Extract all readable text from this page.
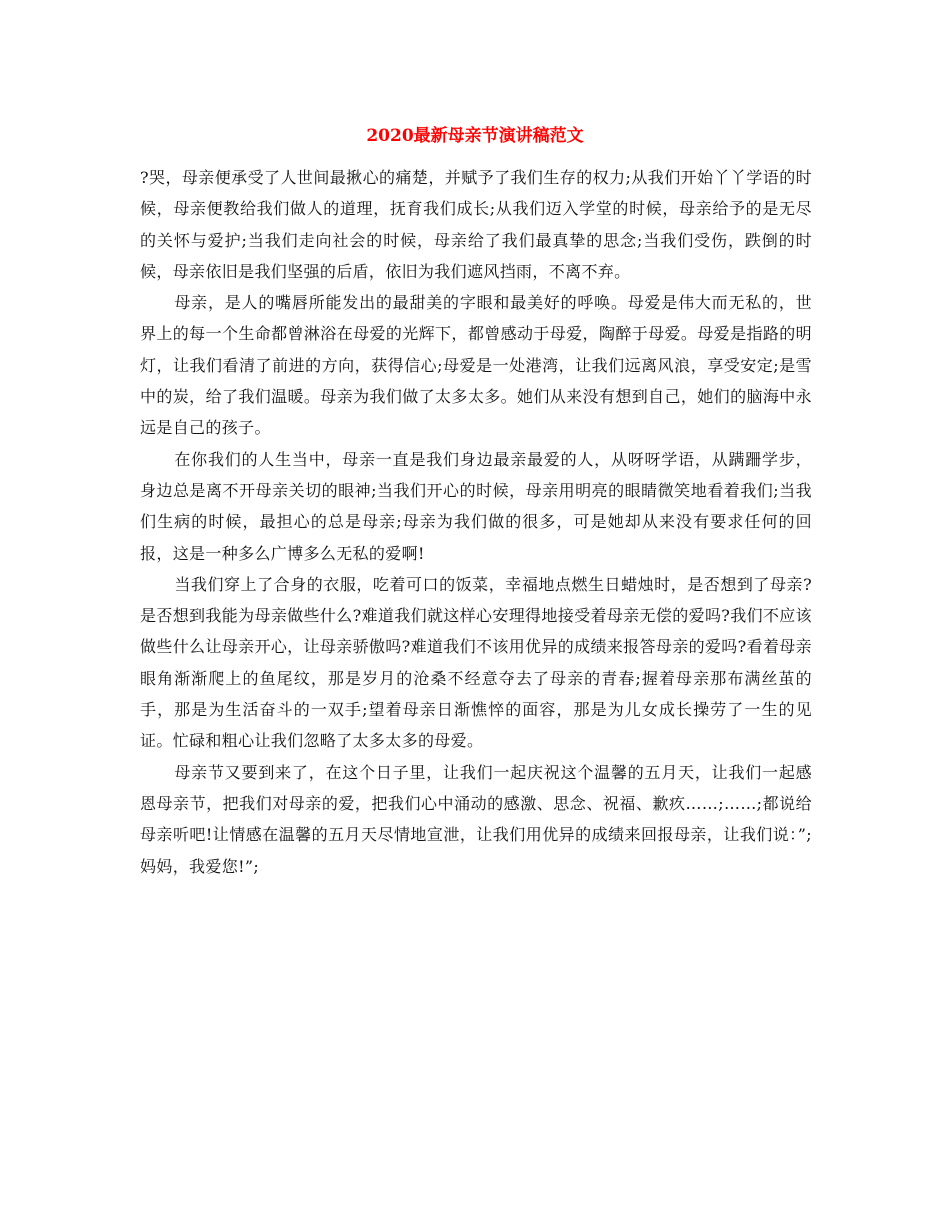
2020最新母亲节演讲稿范文

?哭，母亲便承受了人世间最揪心的痛楚，并赋予了我们生存的权力;从我们开始丫丫学语的时候，母亲便教给我们做人的道理，抚育我们成长;从我们迈入学堂的时候，母亲给予的是无尽的关怀与爱护;当我们走向社会的时候，母亲给了我们最真挚的思念;当我们受伤，跌倒的时候，母亲依旧是我们坚强的后盾，依旧为我们遮风挡雨，不离不弃。

母亲，是人的嘴唇所能发出的最甜美的字眼和最美好的呼唤。母爱是伟大而无私的，世界上的每一个生命都曾淋浴在母爱的光辉下，都曾感动于母爱，陶醉于母爱。母爱是指路的明灯，让我们看清了前进的方向，获得信心;母爱是一处港湾，让我们远离风浪，享受安定;是雪中的炭，给了我们温暖。母亲为我们做了太多太多。她们从来没有想到自己，她们的脑海中永远是自己的孩子。

在你我们的人生当中，母亲一直是我们身边最亲最爱的人，从呀呀学语，从蹒跚学步，身边总是离不开母亲关切的眼神;当我们开心的时候，母亲用明亮的眼睛微笑地看着我们;当我们生病的时候，最担心的总是母亲;母亲为我们做的很多，可是她却从来没有要求任何的回报，这是一种多么广博多么无私的爱啊!

当我们穿上了合身的衣服，吃着可口的饭菜，幸福地点燃生日蜡烛时，是否想到了母亲?是否想到我能为母亲做些什么?难道我们就这样心安理得地接受着母亲无偿的爱吗?我们不应该做些什么让母亲开心，让母亲骄傲吗?难道我们不该用优异的成绩来报答母亲的爱吗?看着母亲眼角渐渐爬上的鱼尾纹，那是岁月的沧桑不经意夺去了母亲的青春;握着母亲那布满丝茧的手，那是为生活奋斗的一双手;望着母亲日渐憔悴的面容，那是为儿女成长操劳了一生的见证。忙碌和粗心让我们忽略了太多太多的母爱。

母亲节又要到来了，在这个日子里，让我们一起庆祝这个温馨的五月天，让我们一起感恩母亲节，把我们对母亲的爱，把我们心中涌动的感激、思念、祝福、歉疚……;……;都说给母亲听吧!让情感在温馨的五月天尽情地宣泄，让我们用优异的成绩来回报母亲，让我们说：”;妈妈，我爱您!”;
